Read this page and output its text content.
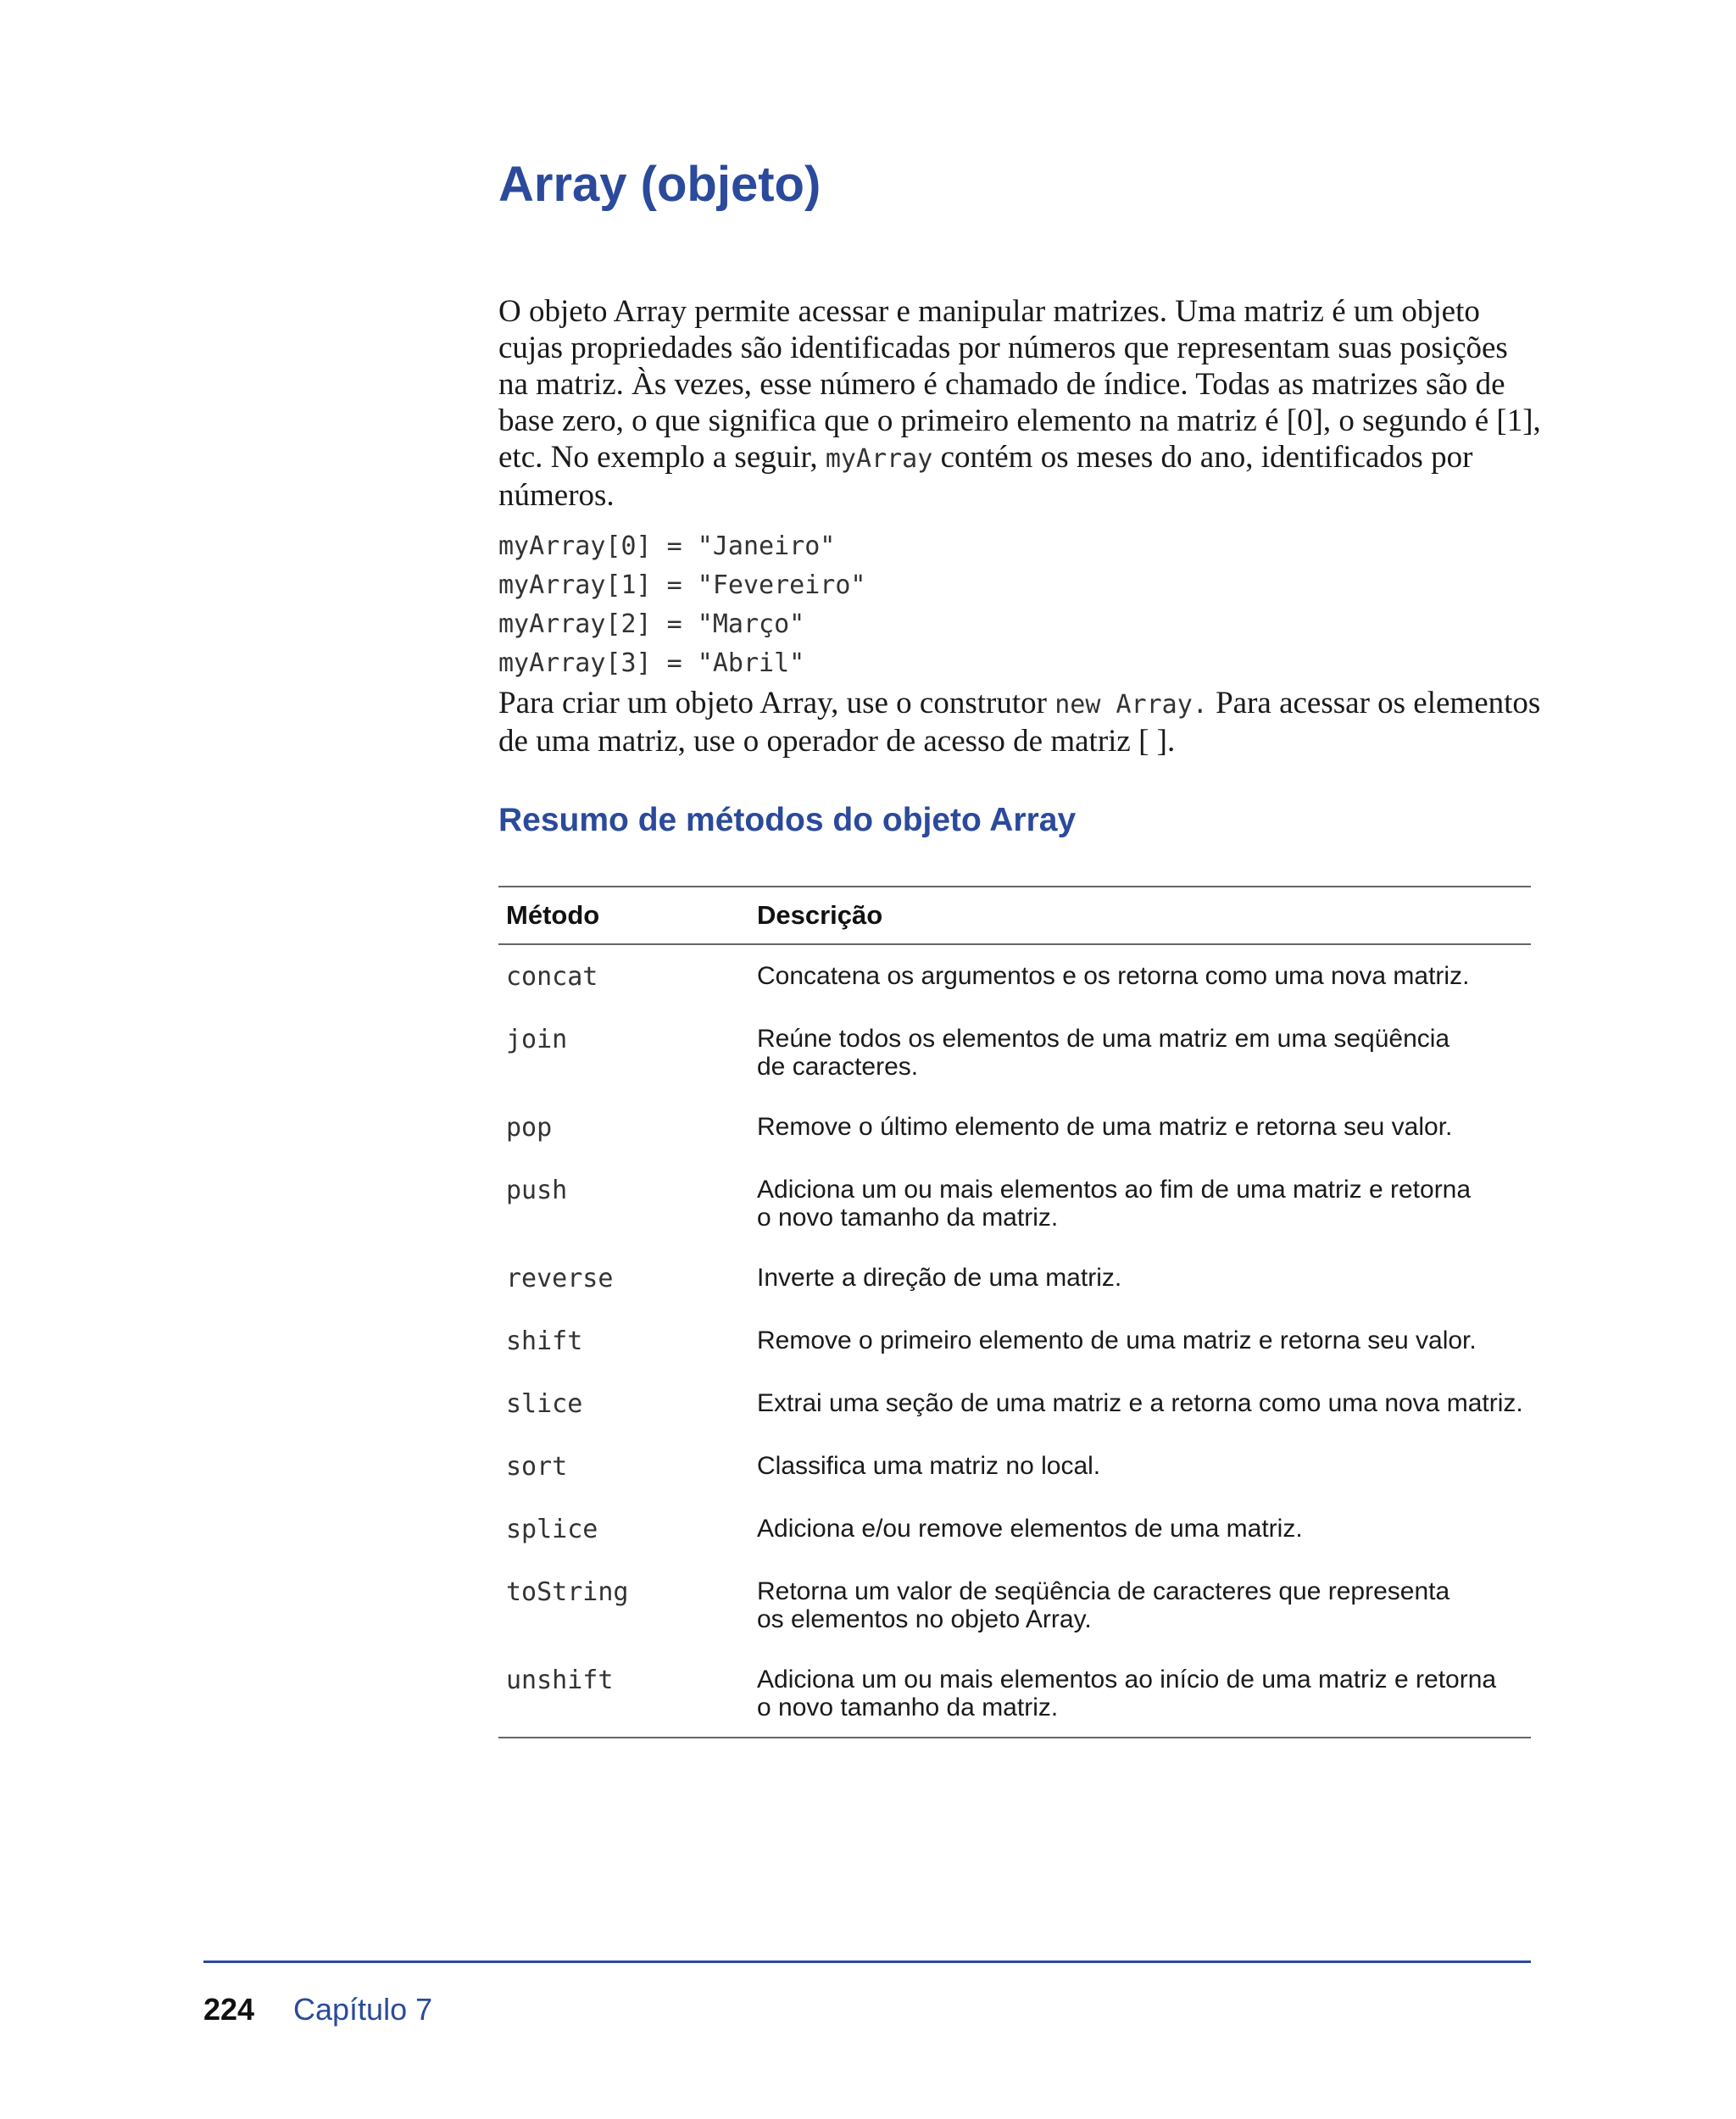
Array (objeto)

O objeto Array permite acessar e manipular matrizes. Uma matriz é um objeto cujas propriedades são identificadas por números que representam suas posições na matriz. Às vezes, esse número é chamado de índice. Todas as matrizes são de base zero, o que significa que o primeiro elemento na matriz é [0], o segundo é [1], etc. No exemplo a seguir, myArray contém os meses do ano, identificados por números.

myArray[0] = "Janeiro"
myArray[1] = "Fevereiro"
myArray[2] = "Março"
myArray[3] = "Abril"

Para criar um objeto Array, use o construtor new Array. Para acessar os elementos de uma matriz, use o operador de acesso de matriz [ ].

Resumo de métodos do objeto Array
Método	Descrição
concat	Concatena os argumentos e os retorna como uma nova matriz.
join	Reúne todos os elementos de uma matriz em uma seqüência
de caracteres.
pop	Remove o último elemento de uma matriz e retorna seu valor.
push	Adiciona um ou mais elementos ao fim de uma matriz e retorna
o novo tamanho da matriz.
reverse	Inverte a direção de uma matriz.
shift	Remove o primeiro elemento de uma matriz e retorna seu valor.
slice	Extrai uma seção de uma matriz e a retorna como uma nova matriz.
sort	Classifica uma matriz no local.
splice	Adiciona e/ou remove elementos de uma matriz.
toString	Retorna um valor de seqüência de caracteres que representa
os elementos no objeto Array.
unshift	Adiciona um ou mais elementos ao início de uma matriz e retorna
o novo tamanho da matriz.
224 Capítulo 7
